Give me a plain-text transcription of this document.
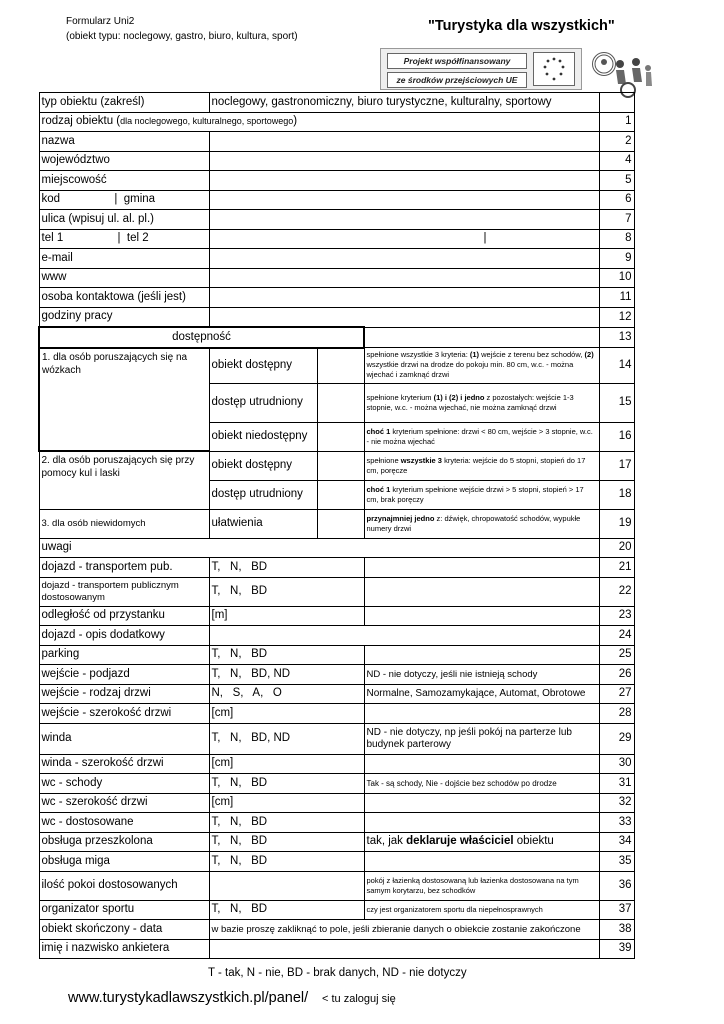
Formularz Uni2
(obiekt typu: noclegowy, gastro, biuro, kultura, sport)
"Turystyka dla wszystkich"
Projekt współfinansowany
ze środków przejściowych UE
typ obiektu (zakreśl)	noclegowy, gastronomiczny, biuro turystyczne, kulturalny, sportowy			
rodzaj obiektu (dla noclegowego, kulturalnego, sportowego)				1
nazwa				2
województwo				4
miejscowość				5
kod                 |  gmina				6
ulica (wpisuj ul. al. pl.)				7
tel 1                 |  tel 2	|			8
e-mail				9
www				10
osoba kontaktowa (jeśli jest)				11
godziny pracy				12
dostępność				13
1. dla osób poruszających się na wózkach	obiekt dostępny		spełnione wszystkie 3 kryteria: (1) wejście z terenu bez schodów, (2) wszystkie drzwi na drodze do pokoju min. 80 cm, w.c. - można wjechać i zamknąć drzwi	14
	dostęp utrudniony		spełnione kryterium (1) i (2) i jedno z pozostałych: wejście 1-3 stopnie, w.c. - można wjechać, nie można zamknąć drzwi	15
	obiekt niedostępny		choć 1 kryterium spełnione: drzwi < 80 cm, wejście > 3 stopnie, w.c. - nie można wjechać	16
2. dla osób poruszających się przy pomocy kul i laski	obiekt dostępny		spełnione wszystkie 3 kryteria: wejście do 5 stopni, stopień do 17 cm, poręcze	17
	dostęp utrudniony		choć 1 kryterium spełnione wejście drzwi > 5 stopni, stopień > 17 cm, brak poręczy	18
3. dla osób niewidomych	ułatwienia		przynajmniej jedno z: dźwięk, chropowatość schodów, wypukłe numery drzwi	19
uwagi				20
dojazd - transportem pub.	T,   N,   BD			21
dojazd - transportem publicznym dostosowanym	T,   N,   BD			22
odległość od przystanku	[m]			23
dojazd - opis dodatkowy				24
parking	T,   N,   BD			25
wejście - podjazd	T,   N,   BD, ND		ND - nie dotyczy, jeśli nie istnieją schody	26
wejście - rodzaj drzwi	N,   S,   A,   O		Normalne, Samozamykające, Automat, Obrotowe	27
wejście - szerokość drzwi	[cm]			28
winda	T,   N,   BD, ND		ND - nie dotyczy, np jeśli pokój na parterze lub budynek parterowy	29
winda - szerokość drzwi	[cm]			30
wc - schody	T,   N,   BD		Tak - są schody, Nie - dojście bez schodów po drodze	31
wc - szerokość drzwi	[cm]			32
wc - dostosowane	T,   N,   BD			33
obsługa przeszkolona	T,   N,   BD		tak, jak deklaruje właściciel obiektu	34
obsługa miga	T,   N,   BD			35
ilość pokoi dostosowanych			pokój z łazienką dostosowaną lub łazienka dostosowana na tym samym korytarzu, bez schodków	36
organizator sportu	T,   N,   BD		czy jest organizatorem sportu dla niepełnosprawnych	37
obiekt skończony - data	w bazie proszę zakliknąć to pole, jeśli zbieranie danych o obiekcie zostanie zakończone			38
imię i nazwisko ankietera				39
T - tak, N - nie, BD - brak danych, ND - nie dotyczy
www.turystykadlawszystkich.pl/panel/ < tu zaloguj się
